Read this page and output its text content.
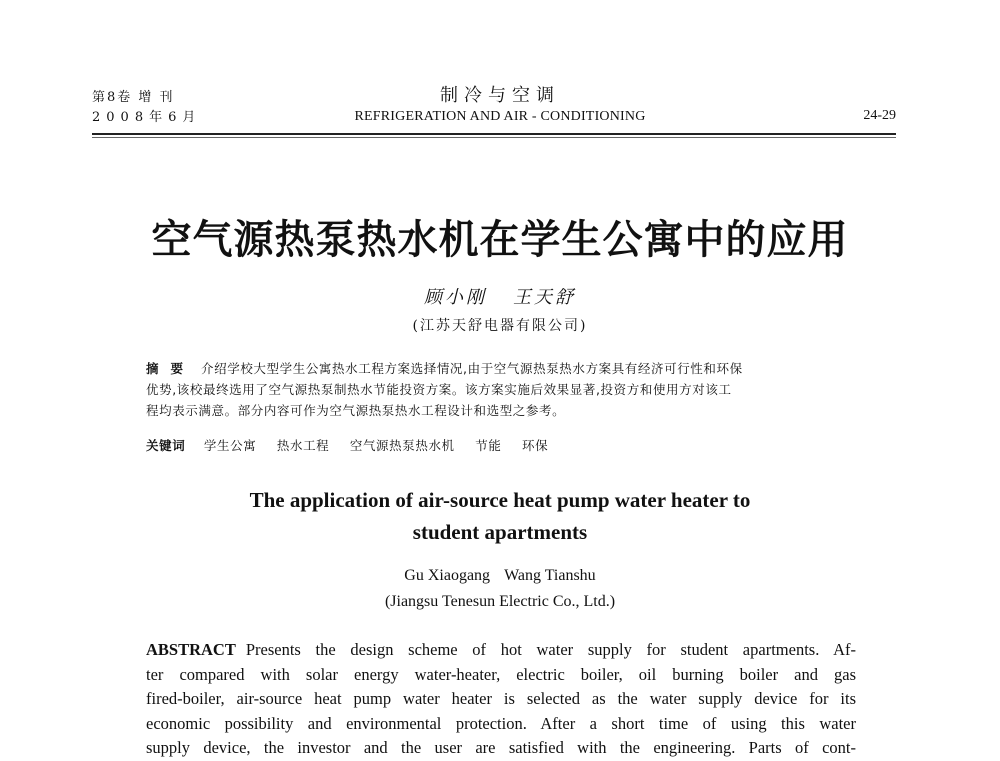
第8卷 增 刊
2008年6月
制冷与空调
REFRIGERATION AND AIR - CONDITIONING	24-29
空气源热泵热水机在学生公寓中的应用
顾小刚 王天舒
(江苏天舒电器有限公司)
摘要 介绍学校大型学生公寓热水工程方案选择情况,由于空气源热泵热水方案具有经济可行性和环保
优势,该校最终选用了空气源热泵制热水节能投资方案。该方案实施后效果显著,投资方和使用方对该工
程均表示满意。部分内容可作为空气源热泵热水工程设计和选型之参考。
关键词 学生公寓 热水工程 空气源热泵热水机 节能 环保
The application of air-source heat pump water heater to
student apartments
Gu Xiaogang Wang Tianshu
(Jiangsu Tenesun Electric Co., Ltd.)
ABSTRACT Presents the design scheme of hot water supply for student apartments. Af-
ter compared with solar energy water-heater, electric boiler, oil burning boiler and gas
fired-boiler, air-source heat pump water heater is selected as the water supply device for its
economic possibility and environmental protection. After a short time of using this water
supply device, the investor and the user are satisfied with the engineering. Parts of cont-
